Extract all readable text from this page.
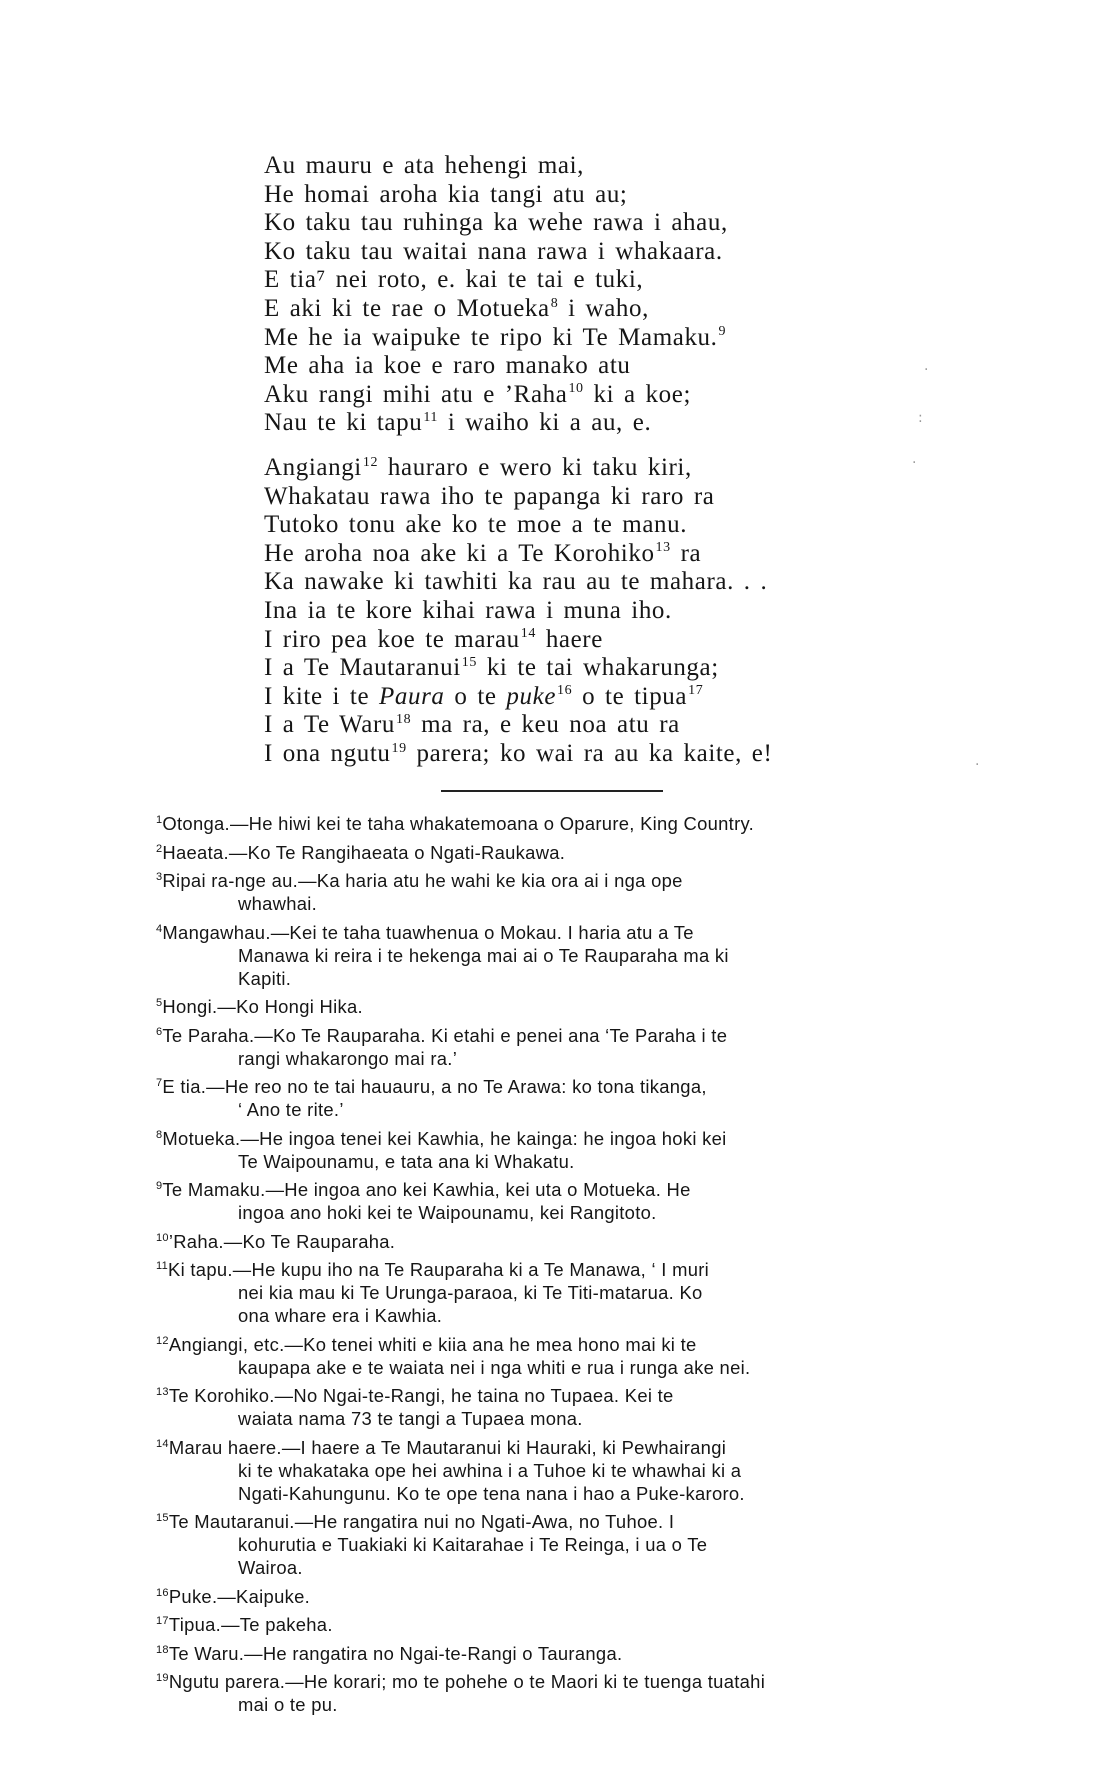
Au mauru e ata hehengi mai,
He homai aroha kia tangi atu au;
Ko taku tau ruhinga ka wehe rawa i ahau,
Ko taku tau waitai nana rawa i whakaara.
E tia⁷ nei roto, e. kai te tai e tuki,
E aki ki te rae o Motueka$^8$ i waho,
Me he ia waipuke te ripo ki Te Mamaku.$^9$
Me aha ia koe e raro manako atu
Aku rangi mihi atu e ’Raha$^{10}$ ki a koe;
Nau te ki tapu$^{11}$ i waiho ki a au, e.
Angiangi$^{12}$ hauraro e wero ki taku kiri,
Whakatau rawa iho te papanga ki raro ra
Tutoko tonu ake ko te moe a te manu.
He aroha noa ake ki a Te Korohiko$^{13}$ ra
Ka nawake ki tawhiti ka rau au te mahara. . .
Ina ia te kore kihai rawa i muna iho.
I riro pea koe te marau$^{14}$ haere
I a Te Mautaranui$^{15}$ ki te tai whakarunga;
I kite i te Paura o te puke$^{16}$ o te tipua$^{17}$
I a Te Waru$^{18}$ ma ra, e keu noa atu ra
I ona ngutu$^{19}$ parera; ko wai ra au ka kaite, e!
$^1$Otonga.—He hiwi kei te taha whakatemoana o Oparure, King Country.
$^2$Haeata.—Ko Te Rangihaeata o Ngati-Raukawa.
$^3$Ripai ra-nge au.—Ka haria atu he wahi ke kia ora ai i nga ope
whawhai.
$^4$Mangawhau.—Kei te taha tuawhenua o Mokau. I haria atu a Te
Manawa ki reira i te hekenga mai ai o Te Rauparaha ma ki
Kapiti.
$^5$Hongi.—Ko Hongi Hika.
$^6$Te Paraha.—Ko Te Rauparaha. Ki etahi e penei ana ‘Te Paraha i te
rangi whakarongo mai ra.’
$^7$E tia.—He reo no te tai hauauru, a no Te Arawa: ko tona tikanga,
‘ Ano te rite.’
$^8$Motueka.—He ingoa tenei kei Kawhia, he kainga: he ingoa hoki kei
Te Waipounamu, e tata ana ki Whakatu.
$^9$Te Mamaku.—He ingoa ano kei Kawhia, kei uta o Motueka. He
ingoa ano hoki kei te Waipounamu, kei Rangitoto.
$^{10}$’Raha.—Ko Te Rauparaha.
$^{11}$Ki tapu.—He kupu iho na Te Rauparaha ki a Te Manawa, ‘ I muri
nei kia mau ki Te Urunga-paraoa, ki Te Titi-matarua. Ko
ona whare era i Kawhia.
$^{12}$Angiangi, etc.—Ko tenei whiti e kiia ana he mea hono mai ki te
kaupapa ake e te waiata nei i nga whiti e rua i runga ake nei.
$^{13}$Te Korohiko.—No Ngai-te-Rangi, he taina no Tupaea. Kei te
waiata nama 73 te tangi a Tupaea mona.
$^{14}$Marau haere.—I haere a Te Mautaranui ki Hauraki, ki Pewhairangi
ki te whakataka ope hei awhina i a Tuhoe ki te whawhai ki a
Ngati-Kahungunu. Ko te ope tena nana i hao a Puke-karoro.
$^{15}$Te Mautaranui.—He rangatira nui no Ngati-Awa, no Tuhoe. I
kohurutia e Tuakiaki ki Kaitarahae i Te Reinga, i ua o Te
Wairoa.
$^{16}$Puke.—Kaipuke.
$^{17}$Tipua.—Te pakeha.
$^{18}$Te Waru.—He rangatira no Ngai-te-Rangi o Tauranga.
$^{19}$Ngutu parera.—He korari; mo te pohehe o te Maori ki te tuenga tuatahi
mai o te pu.
·
:
·
·
